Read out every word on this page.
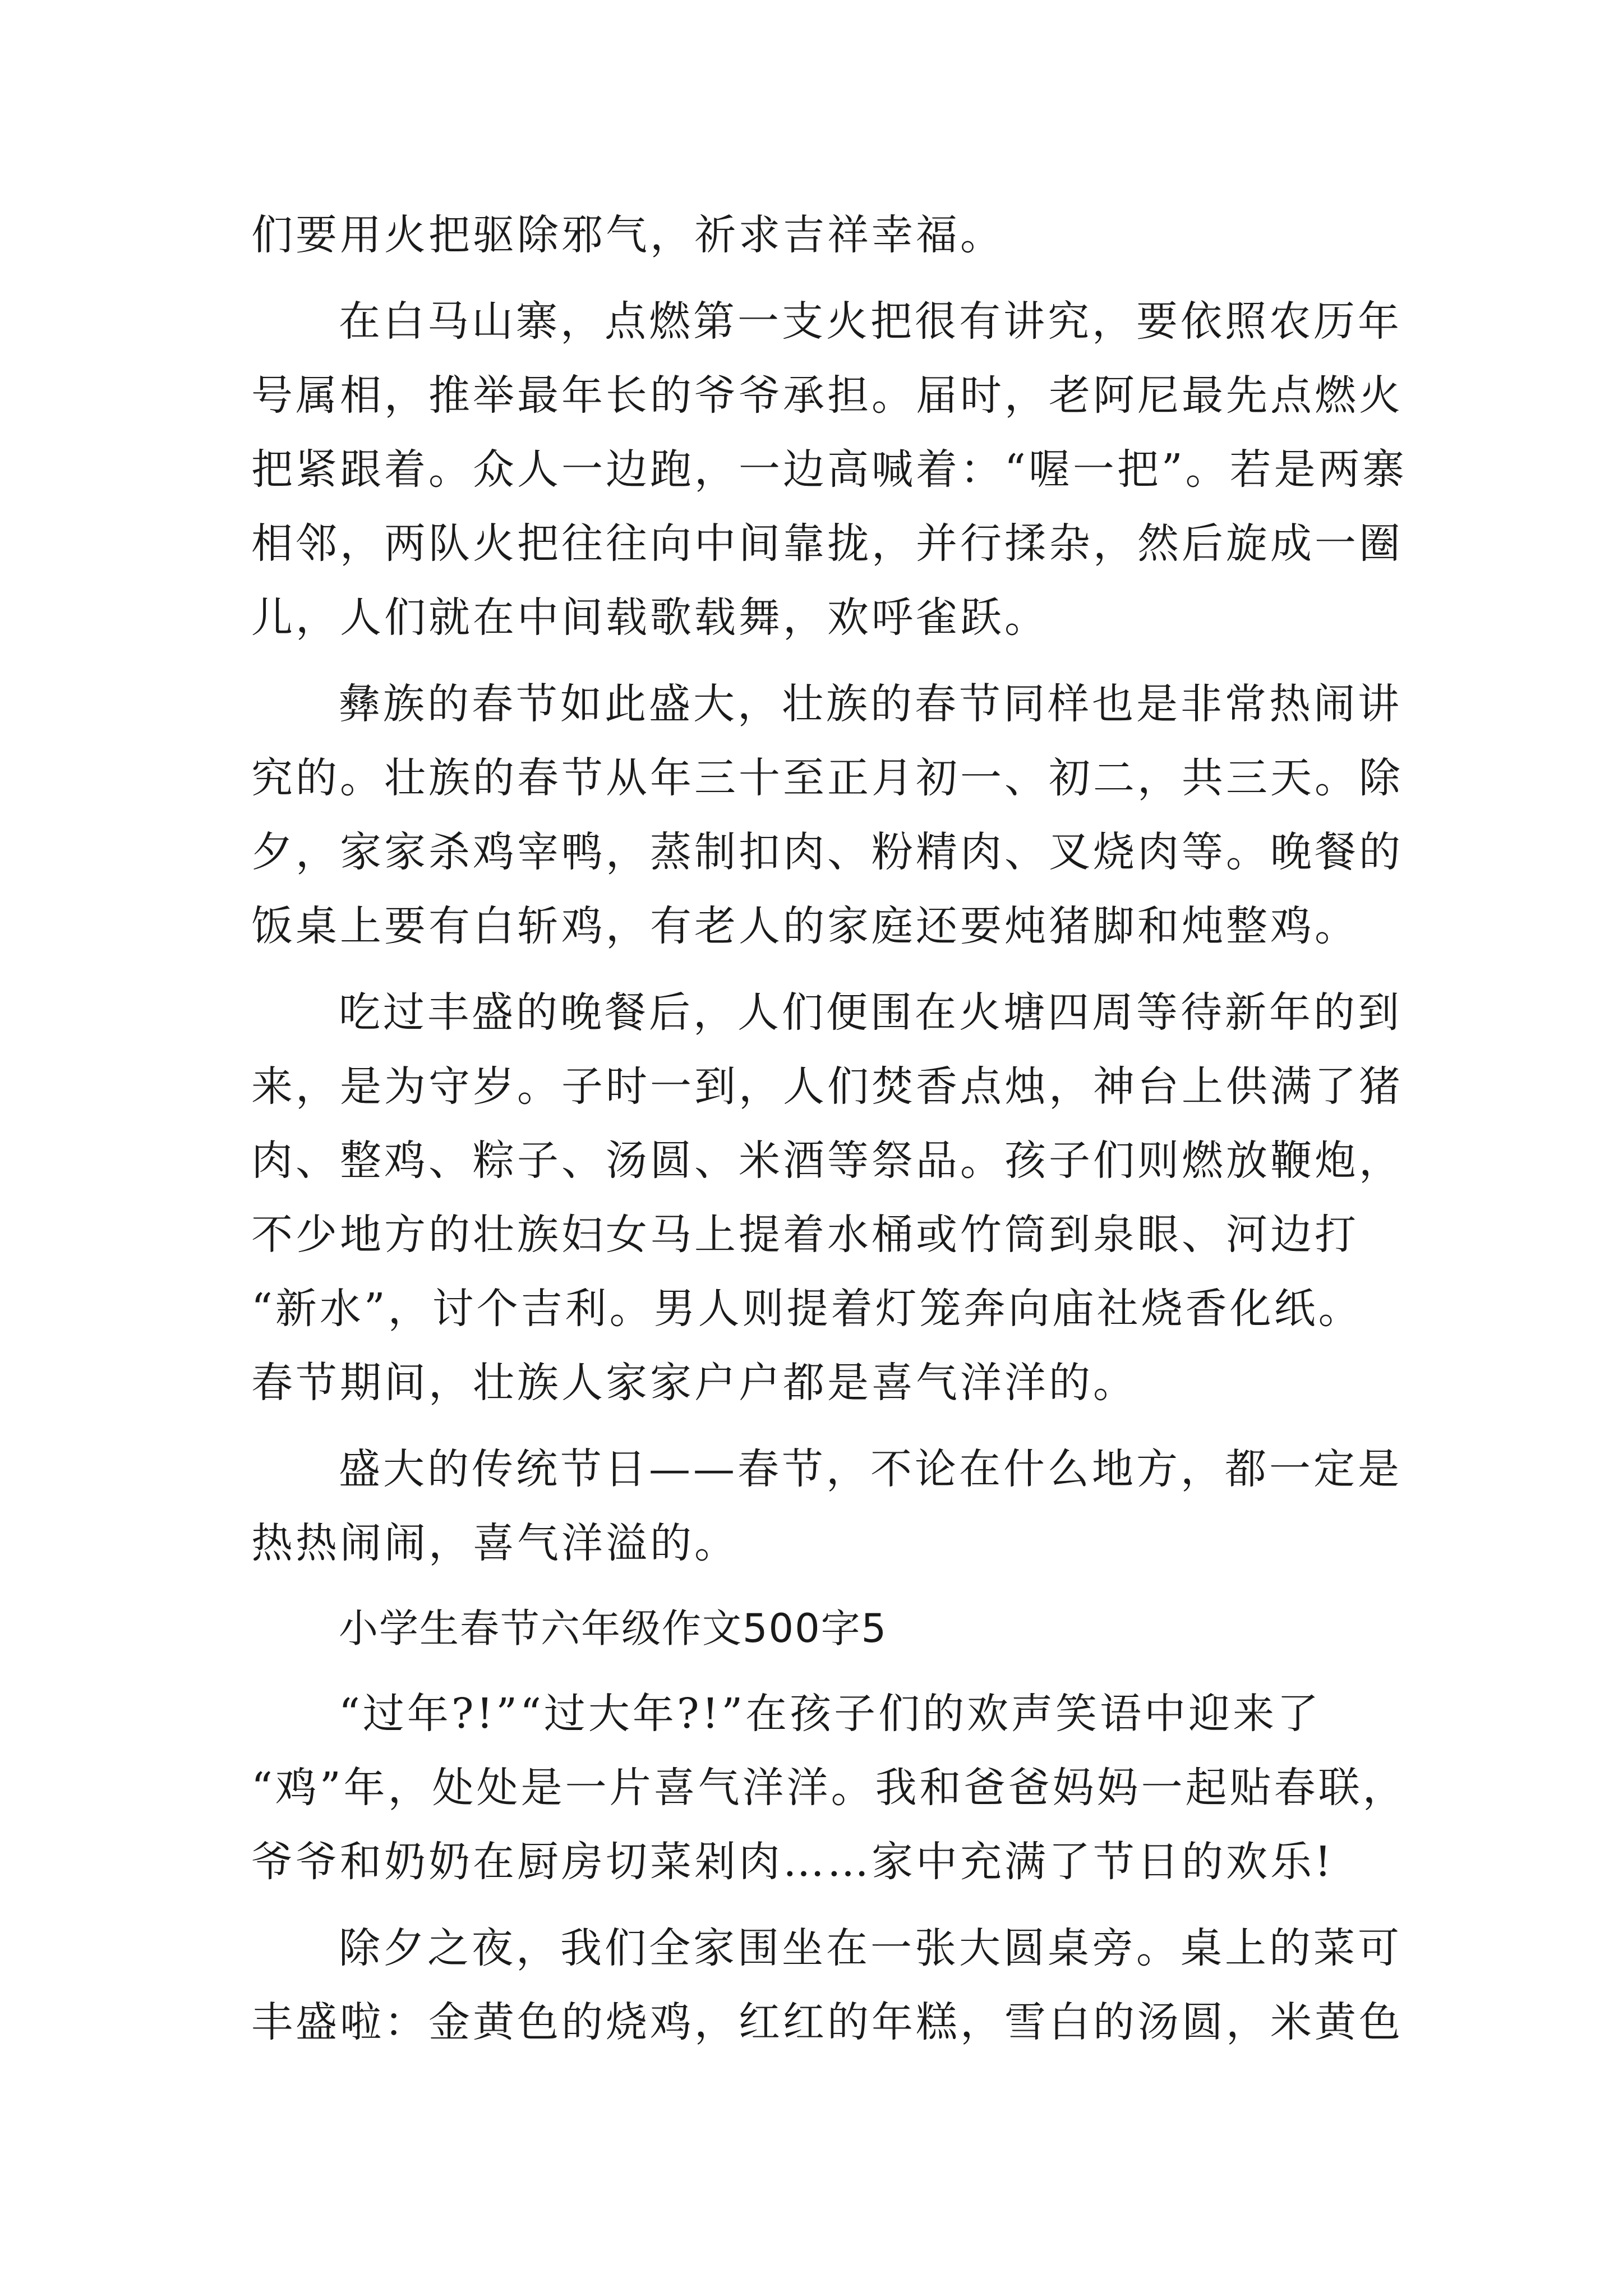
们要用火把驱除邪气，祈求吉祥幸福。
在白马山寨，点燃第一支火把很有讲究，要依照农历年
号属相，推举最年长的爷爷承担。届时，老阿尼最先点燃火
把紧跟着。众人一边跑，一边高喊着：“喔一把”。若是两寨
相邻，两队火把往往向中间靠拢，并行揉杂，然后旋成一圈
儿，人们就在中间载歌载舞，欢呼雀跃。
彝族的春节如此盛大，壮族的春节同样也是非常热闹讲
究的。壮族的春节从年三十至正月初一、初二，共三天。除
夕，家家杀鸡宰鸭，蒸制扣肉、粉精肉、叉烧肉等。晚餐的
饭桌上要有白斩鸡，有老人的家庭还要炖猪脚和炖整鸡。
吃过丰盛的晚餐后，人们便围在火塘四周等待新年的到
来，是为守岁。子时一到，人们焚香点烛，神台上供满了猪
肉、整鸡、粽子、汤圆、米酒等祭品。孩子们则燃放鞭炮，
不少地方的壮族妇女马上提着水桶或竹筒到泉眼、河边打
“新水”，讨个吉利。男人则提着灯笼奔向庙社烧香化纸。
春节期间，壮族人家家户户都是喜气洋洋的。
盛大的传统节日——春节，不论在什么地方，都一定是
热热闹闹，喜气洋溢的。
小学生春节六年级作文500字5
“过年?!”“过大年?!”在孩子们的欢声笑语中迎来了
“鸡”年，处处是一片喜气洋洋。我和爸爸妈妈一起贴春联，
爷爷和奶奶在厨房切菜剁肉……家中充满了节日的欢乐!
除夕之夜，我们全家围坐在一张大圆桌旁。桌上的菜可
丰盛啦：金黄色的烧鸡，红红的年糕，雪白的汤圆，米黄色
